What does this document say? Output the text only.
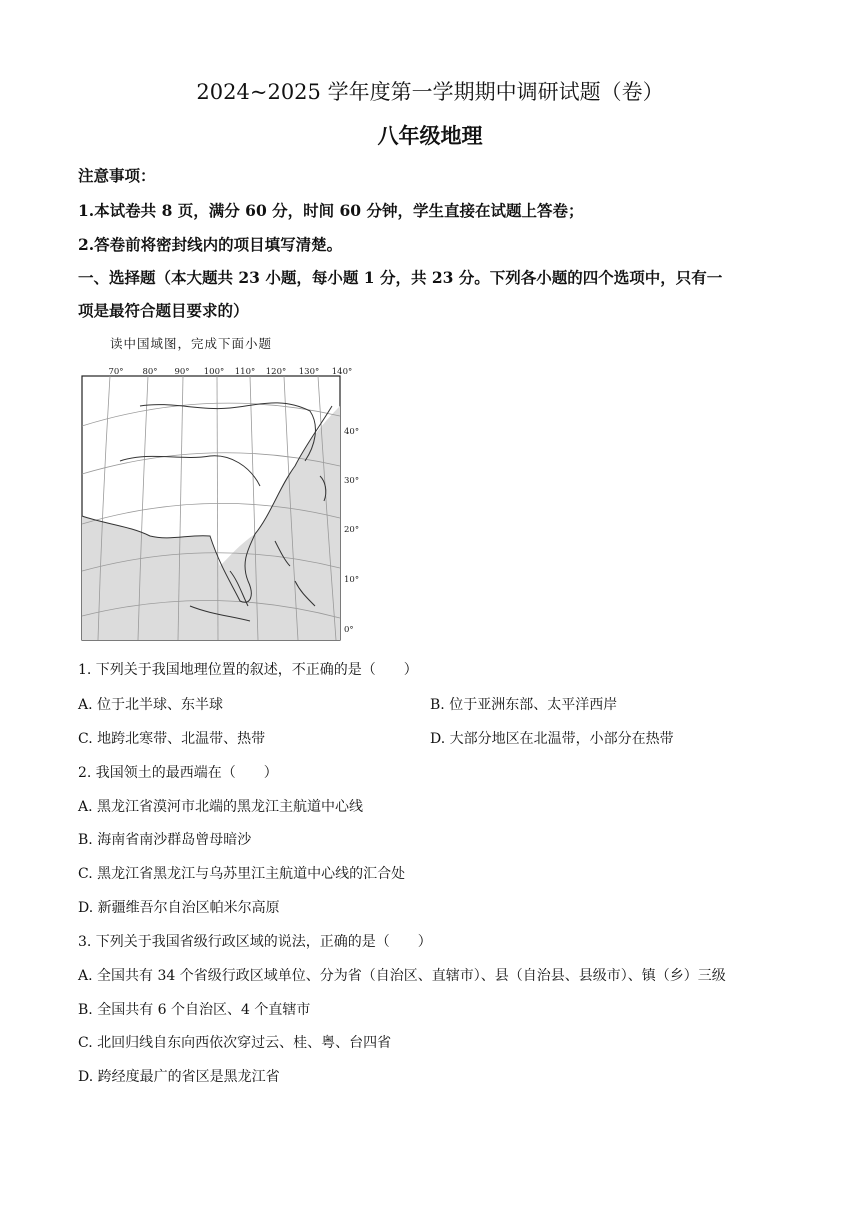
2024~2025 学年度第一学期期中调研试题（卷）
八年级地理
注意事项：
1.本试卷共 8 页，满分 60 分，时间 60 分钟，学生直接在试题上答卷；
2.答卷前将密封线内的项目填写清楚。
一、选择题（本大题共 23 小题，每小题 1 分，共 23 分。下列各小题的四个选项中，只有一
项是最符合题目要求的）
读中国域图，完成下面小题
70° 80° 90° 100° 110° 120° 130° 140°
40°
30°
20°
10°
0°
1. 下列关于我国地理位置的叙述，不正确的是（　　）
A. 位于北半球、东半球	B. 位于亚洲东部、太平洋西岸
C. 地跨北寒带、北温带、热带	D. 大部分地区在北温带，小部分在热带
2. 我国领土的最西端在（　　）
A. 黑龙江省漠河市北端的黑龙江主航道中心线
B. 海南省南沙群岛曾母暗沙
C. 黑龙江省黑龙江与乌苏里江主航道中心线的汇合处
D. 新疆维吾尔自治区帕米尔高原
3. 下列关于我国省级行政区域的说法，正确的是（　　）
A. 全国共有 34 个省级行政区域单位、分为省（自治区、直辖市）、县（自治县、县级市）、镇（乡）三级
B. 全国共有 6 个自治区、4 个直辖市
C. 北回归线自东向西依次穿过云、桂、粤、台四省
D. 跨经度最广的省区是黑龙江省
